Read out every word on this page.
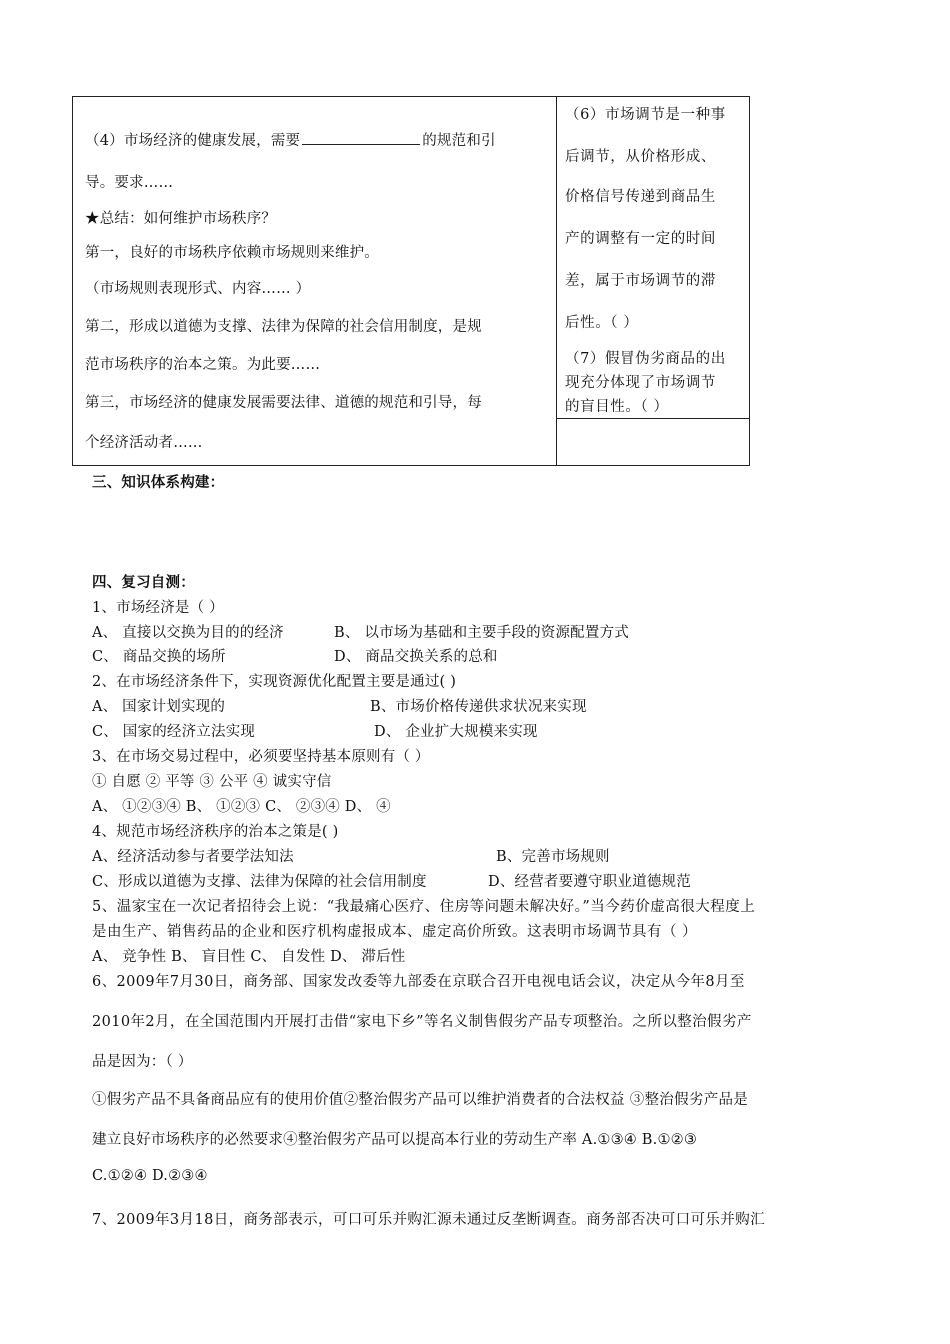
（4）市场经济的健康发展，需要	的规范和引
导。要求……
★总结：如何维护市场秩序？
第一，良好的市场秩序依赖市场规则来维护。
（市场规则表现形式、内容…… ）
第二，形成以道德为支撑、法律为保障的社会信用制度，是规
范市场秩序的治本之策。为此要……
第三，市场经济的健康发展需要法律、道德的规范和引导，每
个经济活动者……
（6）市场调节是一种事
后调节，从价格形成、
价格信号传递到商品生
产的调整有一定的时间
差，属于市场调节的滞
后性。（ ）
（7）假冒伪劣商品的出
现充分体现了市场调节
的盲目性。（ ）
三、知识体系构建：
四、复习自测：
1、市场经济是（ ）
A、 直接以交换为目的的经济	B、 以市场为基础和主要手段的资源配置方式
C、 商品交换的场所	D、 商品交换关系的总和
2、在市场经济条件下，实现资源优化配置主要是通过( )
A、 国家计划实现的	B、市场价格传递供求状况来实现
C、 国家的经济立法实现	D、 企业扩大规模来实现
3、在市场交易过程中，必须要坚持基本原则有（ ）
① 自愿 ② 平等 ③ 公平 ④ 诚实守信
A、 ①②③④ B、 ①②③ C、 ②③④ D、 ④
4、规范市场经济秩序的治本之策是( )
A、经济活动参与者要学法知法	B、完善市场规则
C、形成以道德为支撑、法律为保障的社会信用制度	D、经营者要遵守职业道德规范
5、温家宝在一次记者招待会上说：“我最痛心医疗、住房等问题未解决好。”当今药价虚高很大程度上
是由生产、销售药品的企业和医疗机构虚报成本、虚定高价所致。这表明市场调节具有（ ）
A、 竞争性 B、 盲目性 C、 自发性 D、 滞后性
6、2009年7月30日，商务部、国家发改委等九部委在京联合召开电视电话会议，决定从今年8月至
2010年2月，在全国范围内开展打击借“家电下乡”等名义制售假劣产品专项整治。之所以整治假劣产
品是因为：（ ）
①假劣产品不具备商品应有的使用价值②整治假劣产品可以维护消费者的合法权益 ③整治假劣产品是
建立良好市场秩序的必然要求④整治假劣产品可以提高本行业的劳动生产率 A.①③④ B.①②③
C.①②④ D.②③④
7、2009年3月18日，商务部表示，可口可乐并购汇源未通过反垄断调查。商务部否决可口可乐并购汇
